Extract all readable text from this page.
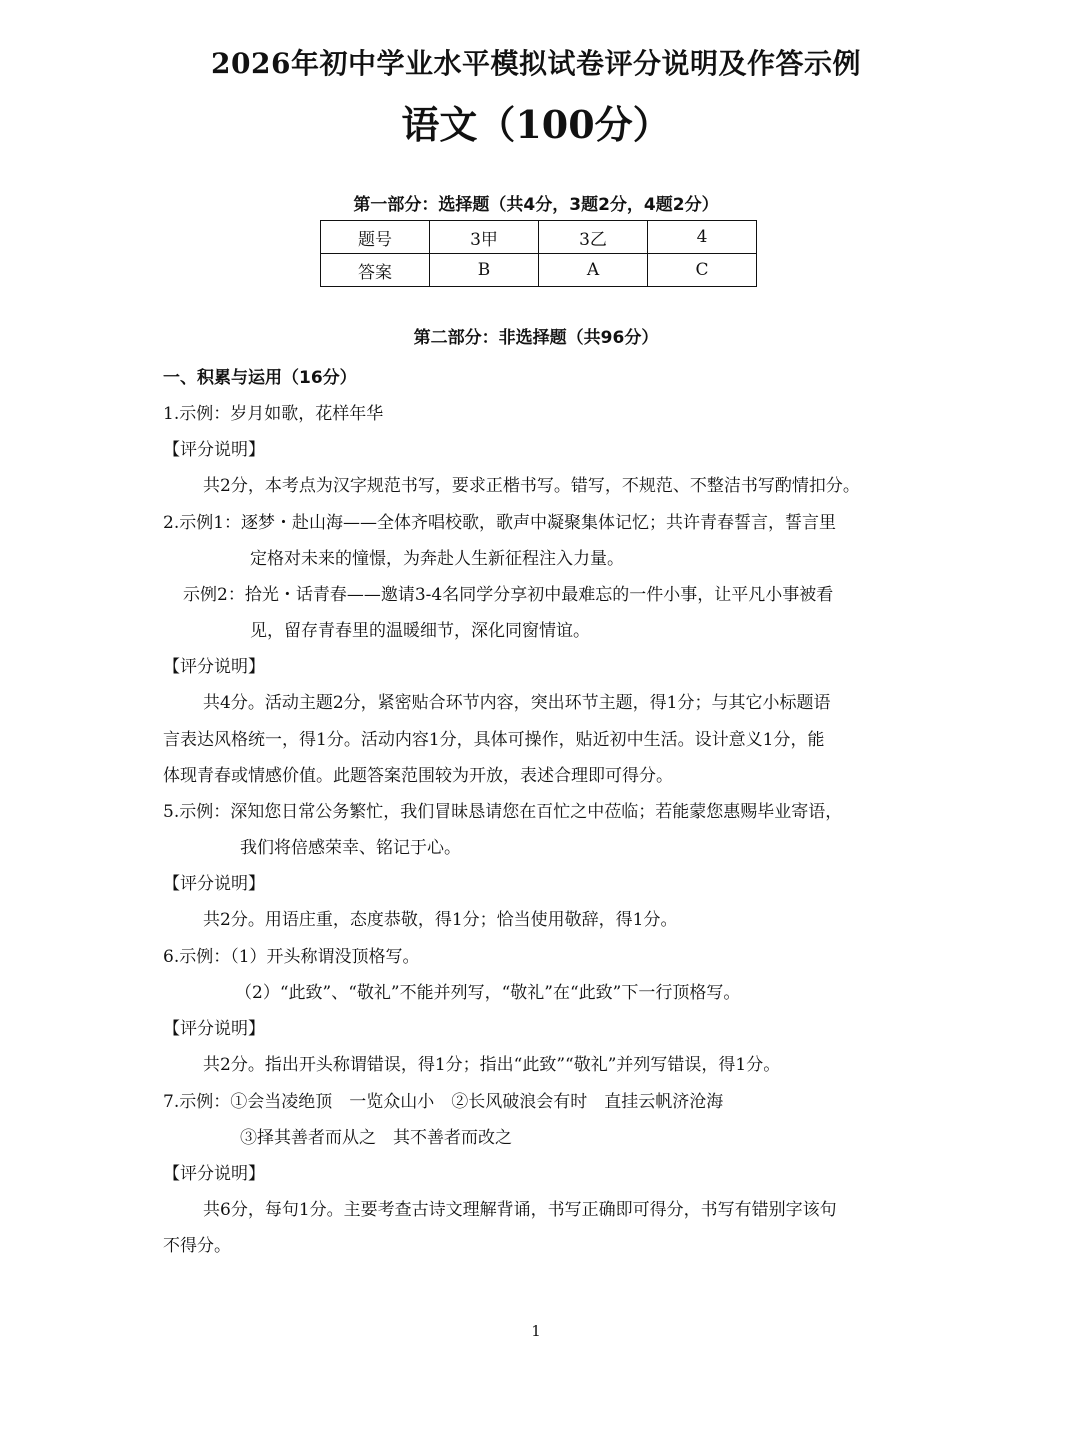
2026年初中学业水平模拟试卷评分说明及作答示例
语文（100分）
第一部分：选择题（共4分，3题2分，4题2分）
题号	3甲	3乙	4
答案	B	A	C
第二部分：非选择题（共96分）
一、积累与运用（16分）
1.示例：岁月如歌，花样年华
【评分说明】
共2分，本考点为汉字规范书写，要求正楷书写。错写，不规范、不整洁书写酌情扣分。
2.示例1：逐梦・赴山海——全体齐唱校歌，歌声中凝聚集体记忆；共许青春誓言，誓言里
定格对未来的憧憬，为奔赴人生新征程注入力量。
示例2：拾光・话青春——邀请3-4名同学分享初中最难忘的一件小事，让平凡小事被看
见，留存青春里的温暖细节，深化同窗情谊。
【评分说明】
共4分。活动主题2分，紧密贴合环节内容，突出环节主题，得1分；与其它小标题语
言表达风格统一，得1分。活动内容1分，具体可操作，贴近初中生活。设计意义1分，能
体现青春或情感价值。此题答案范围较为开放，表述合理即可得分。
5.示例：深知您日常公务繁忙，我们冒昧恳请您在百忙之中莅临；若能蒙您惠赐毕业寄语，
我们将倍感荣幸、铭记于心。
【评分说明】
共2分。用语庄重，态度恭敬，得1分；恰当使用敬辞，得1分。
6.示例：（1）开头称谓没顶格写。
（2）“此致”、“敬礼”不能并列写，“敬礼”在“此致”下一行顶格写。
【评分说明】
共2分。指出开头称谓错误，得1分；指出“此致”“敬礼”并列写错误，得1分。
7.示例：①会当凌绝顶　一览众山小　②长风破浪会有时　直挂云帆济沧海
③择其善者而从之　其不善者而改之
【评分说明】
共6分，每句1分。主要考查古诗文理解背诵，书写正确即可得分，书写有错别字该句
不得分。
1
